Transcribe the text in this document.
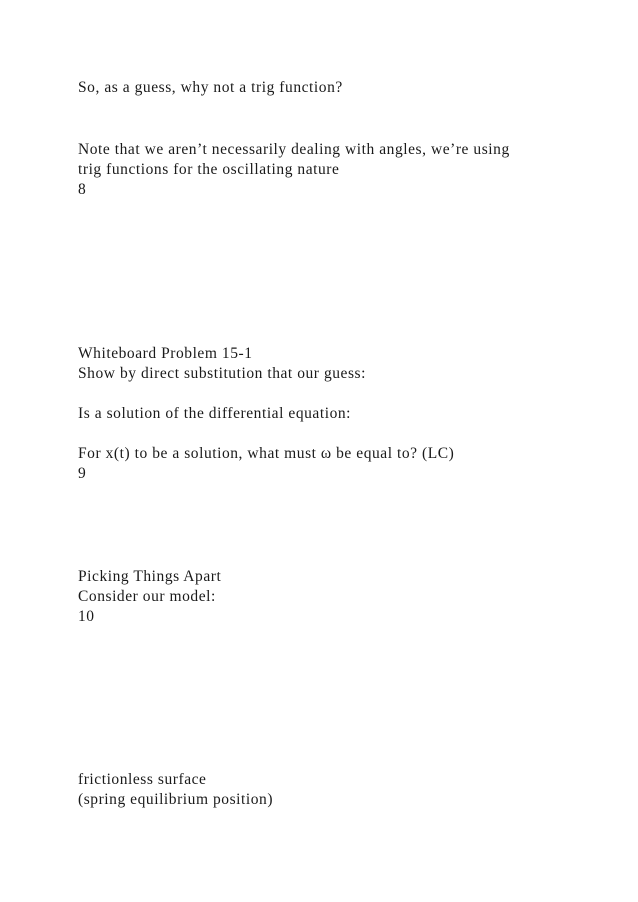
So, as a guess, why not a trig function?
Note that we aren’t necessarily dealing with angles, we’re using
trig functions for the oscillating nature
8
Whiteboard Problem 15-1
Show by direct substitution that our guess:
Is a solution of the differential equation:
For x(t) to be a solution, what must ω be equal to? (LC)
9
Picking Things Apart
Consider our model:
10
frictionless surface
(spring equilibrium position)
